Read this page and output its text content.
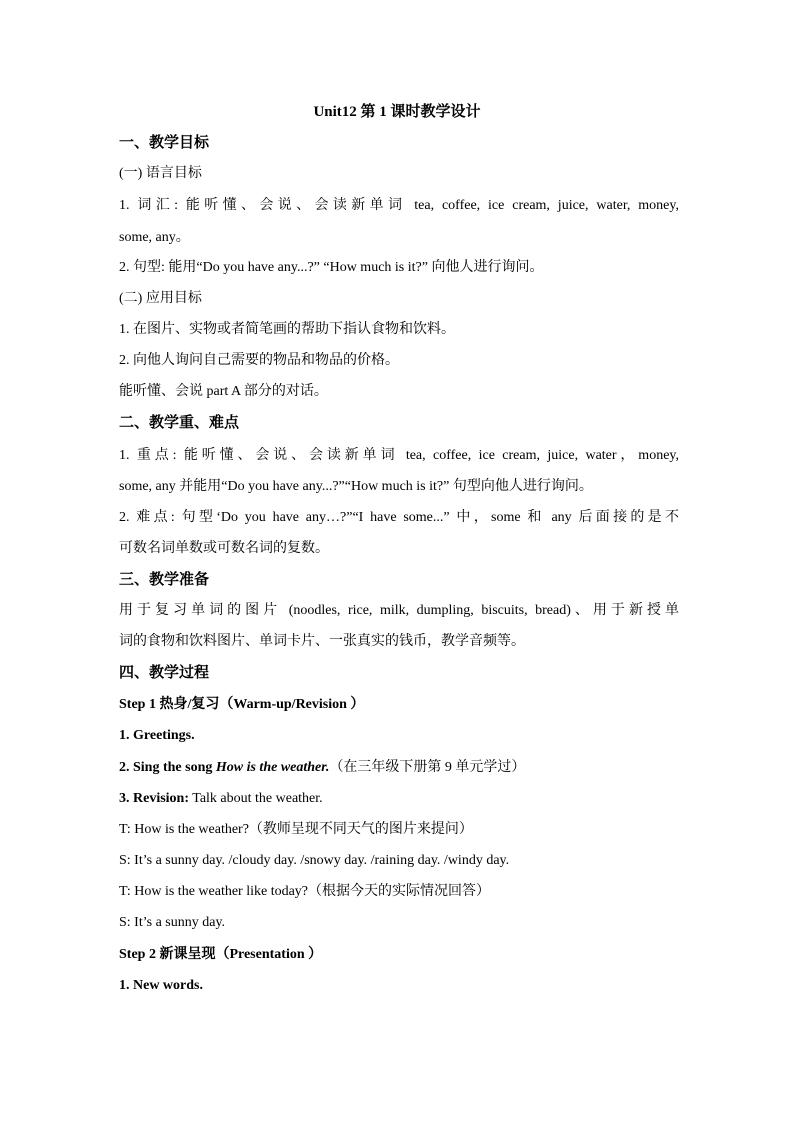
Unit12 第 1 课时教学设计
一、教学目标
(一) 语言目标
1. 词汇: 能听懂、会说、会读新单词 tea, coffee, ice cream, juice, water, money,
some, any。
2. 句型: 能用“Do you have any...?” “How much is it?” 向他人进行询问。
(二) 应用目标
1. 在图片、实物或者简笔画的帮助下指认食物和饮料。
2. 向他人询问自己需要的物品和物品的价格。
能听懂、会说 part A 部分的对话。
二、教学重、难点
1. 重点: 能听懂、会说、会读新单词 tea, coffee, ice cream, juice, water，money,
some, any 并能用“Do you have any...?”“How much is it?” 句型向他人进行询问。
2. 难点: 句型‘Do you have any…?”“I have some...” 中，some 和 any 后面接的是不
可数名词单数或可数名词的复数。
三、教学准备
用于复习单词的图片 (noodles, rice, milk, dumpling, biscuits, bread)、用于新授单
词的食物和饮料图片、单词卡片、一张真实的钱币，教学音频等。
四、教学过程
Step 1 热身/复习（Warm-up/Revision ）
1. Greetings.
2. Sing the song How is the weather.（在三年级下册第 9 单元学过）
3. Revision: Talk about the weather.
T: How is the weather?（教师呈现不同天气的图片来提问）
S: It’s a sunny day. /cloudy day. /snowy day. /raining day. /windy day.
T: How is the weather like today?（根据今天的实际情况回答）
S: It’s a sunny day.
Step 2 新课呈现（Presentation ）
1. New words.
